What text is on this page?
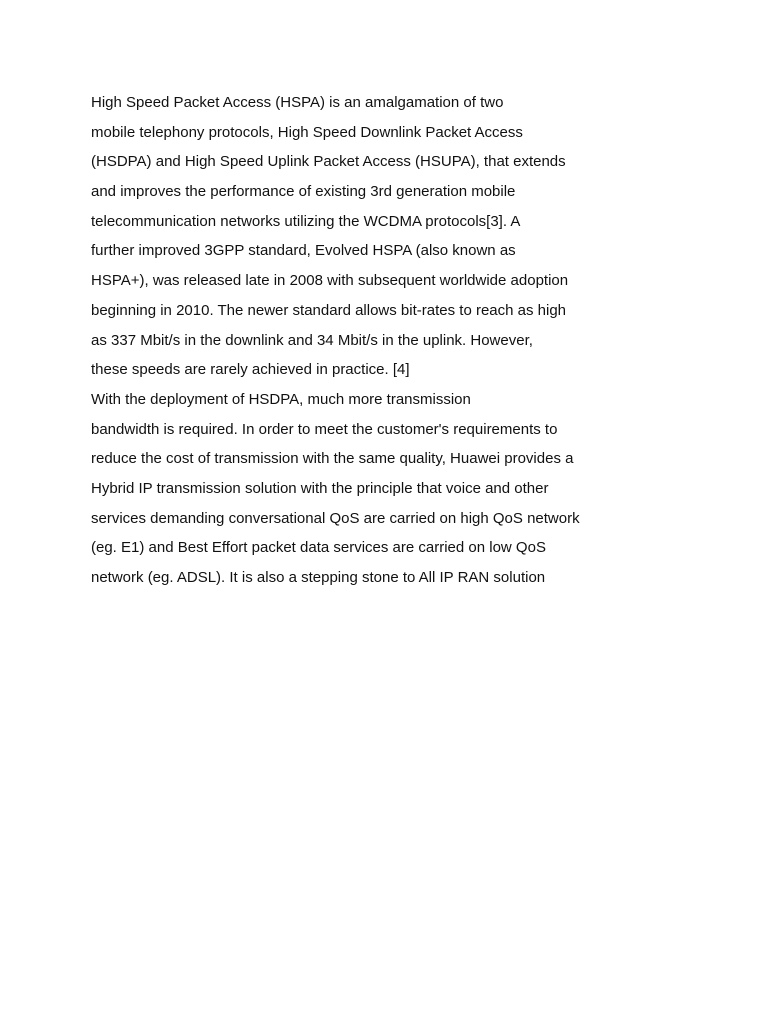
High Speed Packet Access (HSPA) is an amalgamation of two
mobile telephony protocols, High Speed Downlink Packet Access
(HSDPA) and High Speed Uplink Packet Access (HSUPA), that extends
and improves the performance of existing 3rd generation mobile
telecommunication networks utilizing the WCDMA protocols[3]. A
further improved 3GPP standard, Evolved HSPA (also known as
HSPA+), was released late in 2008 with subsequent worldwide adoption
beginning in 2010. The newer standard allows bit-rates to reach as high
as 337 Mbit/s in the downlink and 34 Mbit/s in the uplink. However,
these speeds are rarely achieved in practice. [4]
With the deployment of HSDPA, much more transmission
bandwidth is required. In order to meet the customer's requirements to
reduce the cost of transmission with the same quality, Huawei provides a
Hybrid IP transmission solution with the principle that voice and other
services demanding conversational QoS are carried on high QoS network
(eg. E1) and Best Effort packet data services are carried on low QoS
network (eg. ADSL). It is also a stepping stone to All IP RAN solution
